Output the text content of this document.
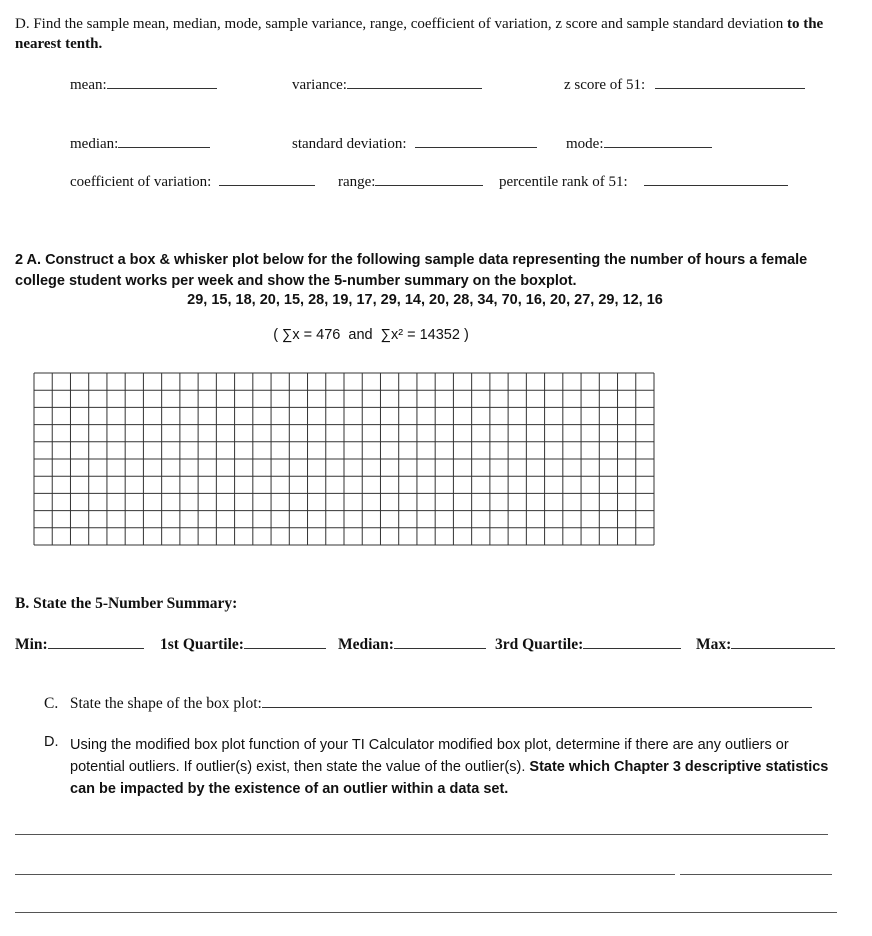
D. Find the sample mean, median, mode, sample variance, range, coefficient of variation, z score and sample standard deviation to the nearest tenth.
mean:	variance:	z score of 51:
median:	standard deviation:	mode:
coefficient of variation:	range:	percentile rank of 51:
2 A. Construct a box & whisker plot below for the following sample data representing the number of hours a female college student works per week and show the 5-number summary on the boxplot.
29, 15, 18, 20, 15, 28, 19, 17, 29, 14, 20, 28, 34, 70, 16, 20, 27, 29, 12, 16
( ∑x = 476  and  ∑x² = 14352 )
B. State the 5-Number Summary:
Min:	1st Quartile:	Median:	3rd Quartile:	Max:
C.   State the shape of the box plot:
D. Using the modified box plot function of your TI Calculator modified box plot, determine if there are any outliers or potential outliers. If outlier(s) exist, then state the value of the outlier(s). State which Chapter 3 descriptive statistics can be impacted by the existence of an outlier within a data set.
